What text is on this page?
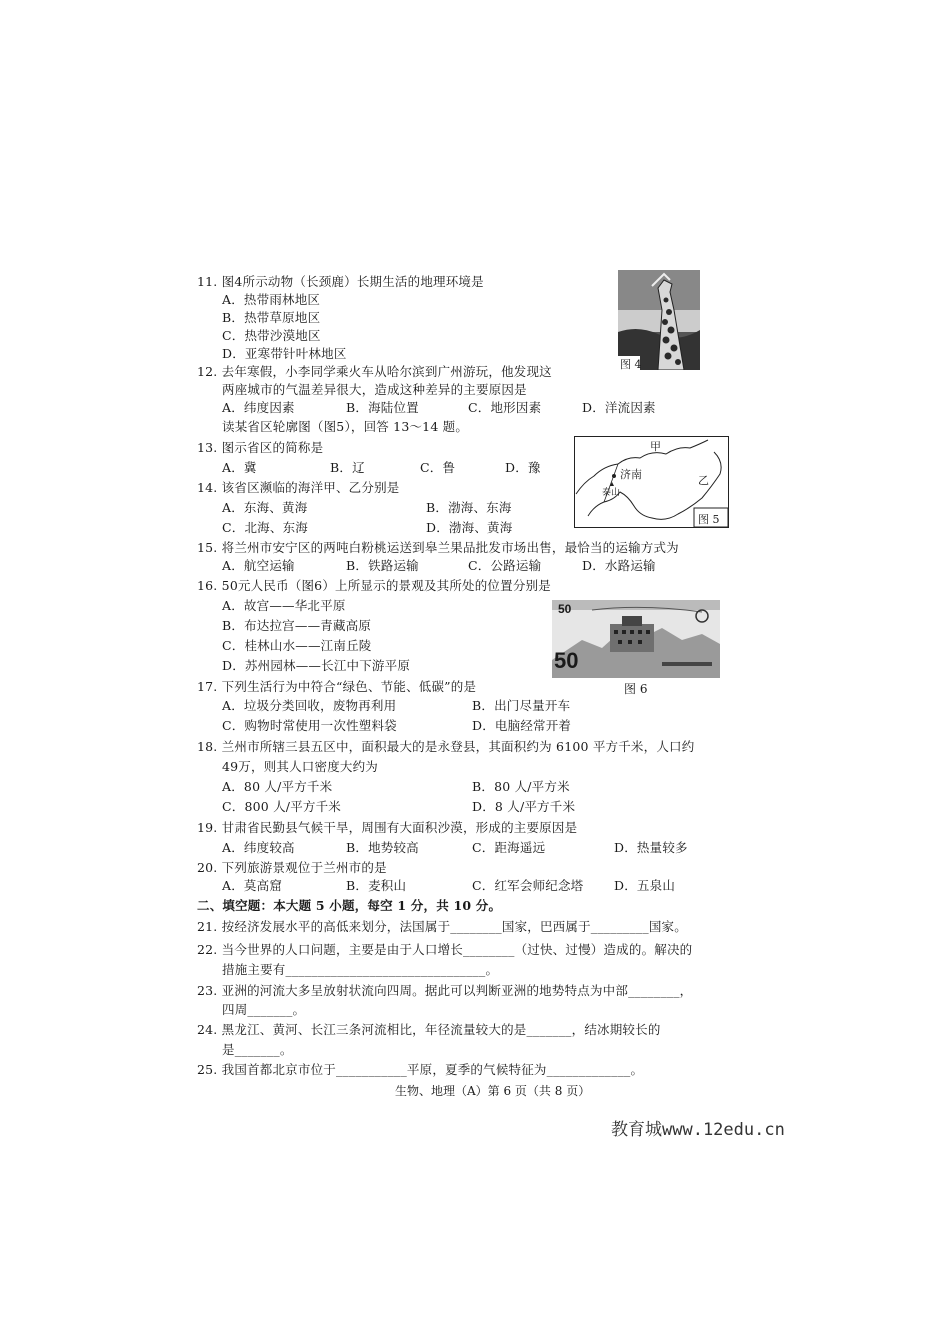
11. 图4所示动物（长颈鹿）长期生活的地理环境是
A．热带雨林地区
B．热带草原地区
C．热带沙漠地区
D．亚寒带针叶林地区
图 4
12. 去年寒假，小李同学乘火车从哈尔滨到广州游玩，他发现这
两座城市的气温差异很大，造成这种差异的主要原因是
A．纬度因素	B．海陆位置	C．地形因素	D．洋流因素
读某省区轮廓图（图5），回答 13～14 题。
13. 图示省区的简称是
A．冀	B．辽	C．鲁	D．豫
甲
乙
济南
泰山
图 5
14. 该省区濒临的海洋甲、乙分别是
A．东海、黄海	B．渤海、东海
C．北海、东海	D．渤海、黄海
15. 将兰州市安宁区的两吨白粉桃运送到皋兰果品批发市场出售，最恰当的运输方式为
A．航空运输	B．铁路运输	C．公路运输	D．水路运输
16. 50元人民币（图6）上所显示的景观及其所处的位置分别是
A．故宫——华北平原
B．布达拉宫——青藏高原
C．桂林山水——江南丘陵
D．苏州园林——长江中下游平原
50
50
图 6
17. 下列生活行为中符合“绿色、节能、低碳”的是
A．垃圾分类回收，废物再利用	B．出门尽量开车
C．购物时常使用一次性塑料袋	D．电脑经常开着
18. 兰州市所辖三县五区中，面积最大的是永登县，其面积约为 6100 平方千米，人口约
49万，则其人口密度大约为
A．80 人/平方千米	B．80 人/平方米
C．800 人/平方千米	D．8 人/平方千米
19. 甘肃省民勤县气候干旱，周围有大面积沙漠，形成的主要原因是
A．纬度较高	B．地势较高	C．距海遥远	D．热量较多
20. 下列旅游景观位于兰州市的是
A．莫高窟	B．麦积山	C．红军会师纪念塔 D．五泉山
二、填空题：本大题 5 小题，每空 1 分，共 10 分。
21. 按经济发展水平的高低来划分，法国属于________国家，巴西属于_________国家。
22. 当今世界的人口问题，主要是由于人口增长________（过快、过慢）造成的。解决的
措施主要有_______________________________。
23. 亚洲的河流大多呈放射状流向四周。据此可以判断亚洲的地势特点为中部________，
四周_______。
24. 黑龙江、黄河、长江三条河流相比，年径流量较大的是_______，结冰期较长的
是_______。
25. 我国首都北京市位于___________平原，夏季的气候特征为_____________。
生物、地理（A）第 6 页（共 8 页）
教育城www.12edu.cn
